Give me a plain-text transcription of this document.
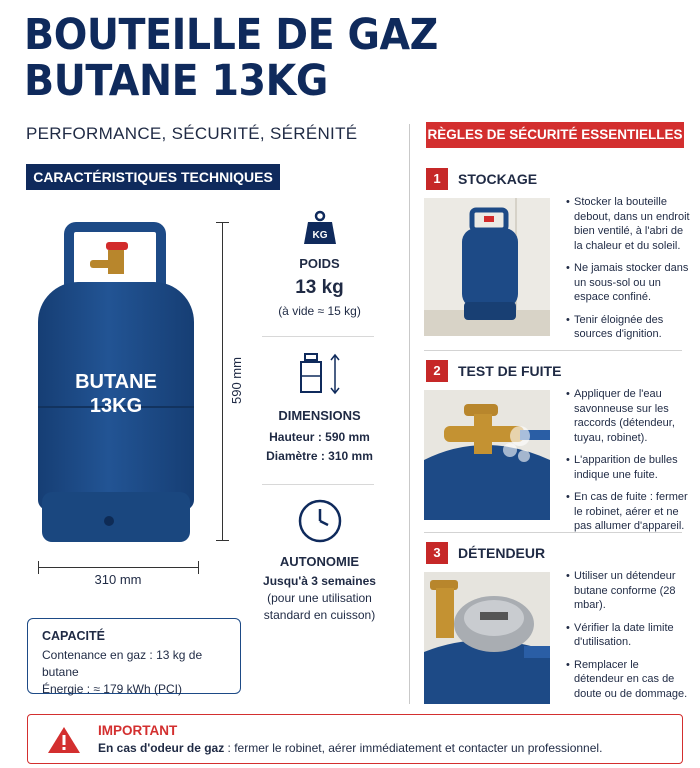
BOUTEILLE DE GAZ
BUTANE 13KG
PERFORMANCE, SÉCURITÉ, SÉRÉNITÉ
CARACTÉRISTIQUES TECHNIQUES
BUTANE
13KG
590 mm
310 mm
KG
POIDS
13 kg
(à vide ≈ 15 kg)
DIMENSIONS
Hauteur : 590 mm
Diamètre : 310 mm
AUTONOMIE
Jusqu'à 3 semaines
(pour une utilisation
standard en cuisson)
CAPACITÉ
Contenance en gaz : 13 kg de butane
Énergie : ≈ 179 kWh (PCI)
RÈGLES DE SÉCURITÉ ESSENTIELLES
1	STOCKAGE
• Stocker la bouteille debout, dans un endroit bien ventilé, à l'abri de la chaleur et du soleil.
• Ne jamais stocker dans un sous-sol ou un espace confiné.
• Tenir éloignée des sources d'ignition.
2	TEST DE FUITE
• Appliquer de l'eau savonneuse sur les raccords (détendeur, tuyau, robinet).
• L'apparition de bulles indique une fuite.
• En cas de fuite : fermer le robinet, aérer et ne pas allumer d'appareil.
3	DÉTENDEUR
• Utiliser un détendeur butane conforme (28 mbar).
• Vérifier la date limite d'utilisation.
• Remplacer le détendeur en cas de doute ou de dommage.
IMPORTANT
En cas d'odeur de gaz : fermer le robinet, aérer immédiatement et contacter un professionnel.
